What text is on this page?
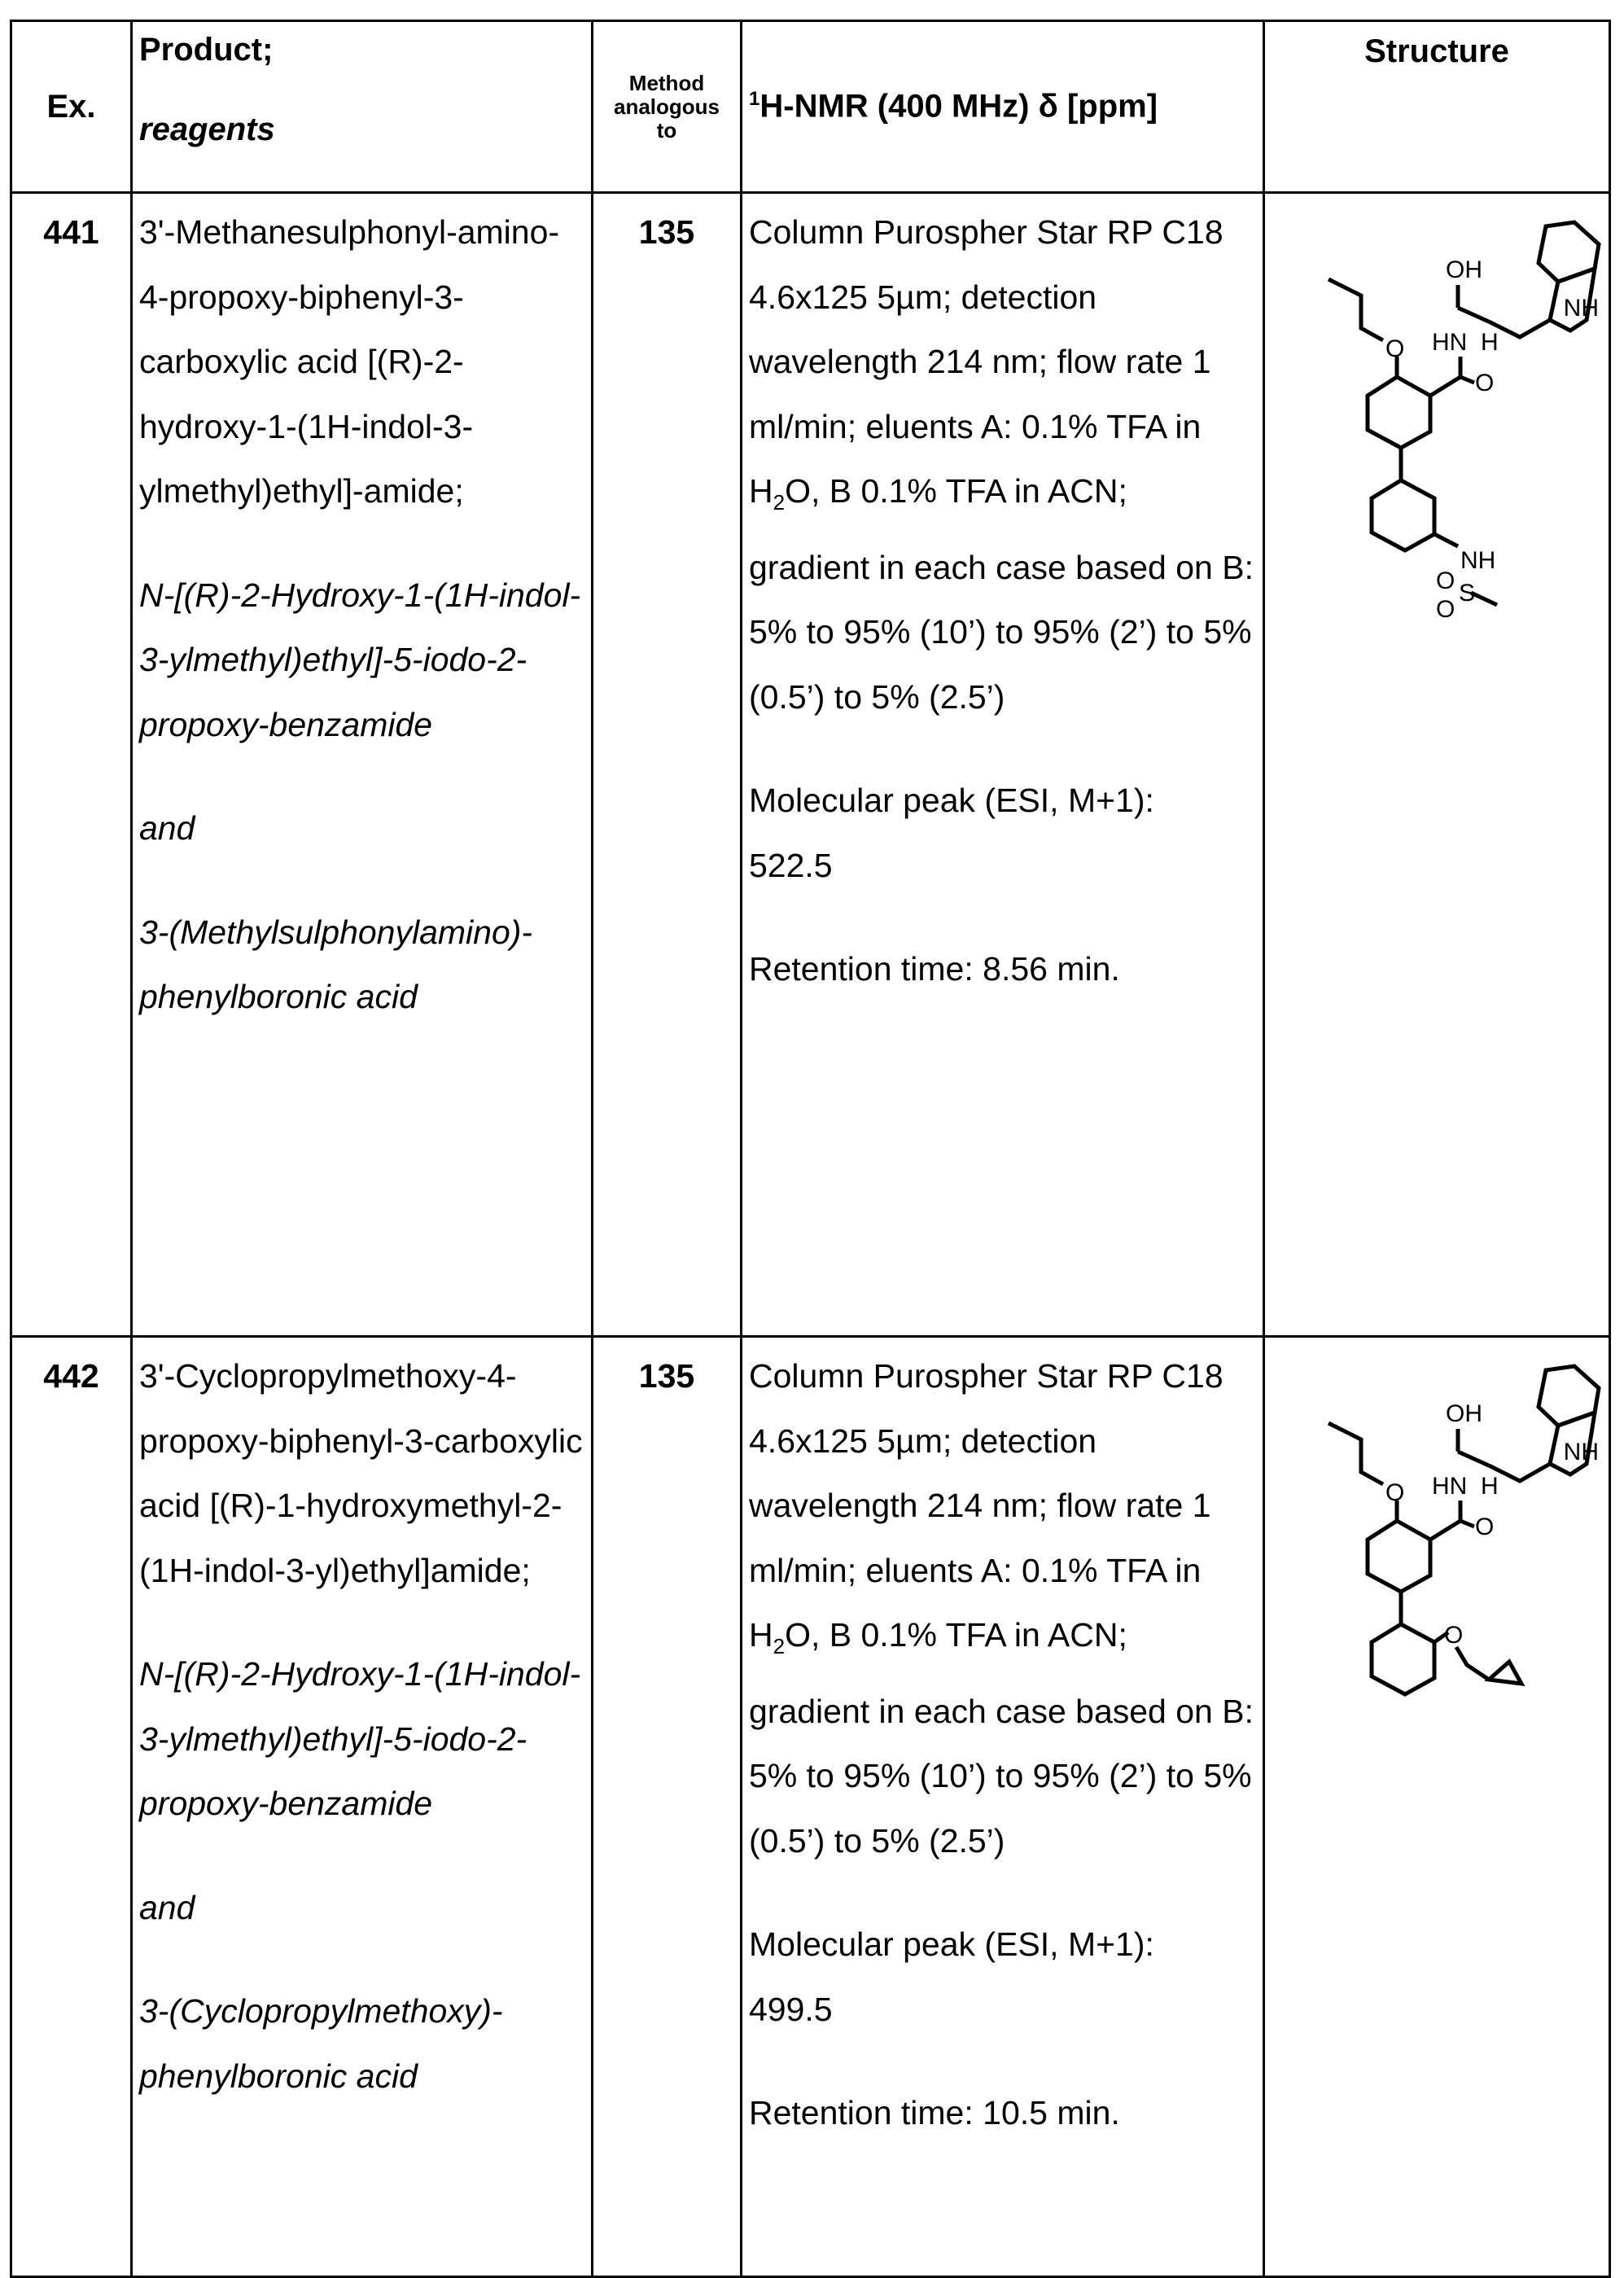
Ex.	
Product;
reagents

Method
analogous
to
	1H-NMR (400 MHz) δ [ppm]	Structure
441	3'-Methanesulphonyl-amino-4-propoxy-biphenyl-3-carboxylic acid [(R)-2-hydroxy-1-(1H-indol-3-ylmethyl)ethyl]-amide;
N-[(R)-2-Hydroxy-1-(1H-indol-3-ylmethyl)ethyl]-5-iodo-2-propoxy-benzamide
and
3-(Methylsulphonylamino)-phenylboronic acid
	135	Column Purospher Star RP C18 4.6x125 5µm; detection wavelength 214 nm; flow rate 1 ml/min; eluents A: 0.1% TFA in H2O, B 0.1% TFA in ACN; gradient in each case based on B: 5% to 95% (10’) to 95% (2’) to 5% (0.5’) to 5% (2.5’)
Molecular peak (ESI, M+1):
522.5
Retention time: 8.56 min.

OH
NH
HN H
O
O
NH
S
O
O

442	3'-Cyclopropylmethoxy-4-propoxy-biphenyl-3-carboxylic acid [(R)-1-hydroxymethyl-2-(1H-indol-3-yl)ethyl]amide;
N-[(R)-2-Hydroxy-1-(1H-indol-3-ylmethyl)ethyl]-5-iodo-2-propoxy-benzamide
and
3-(Cyclopropylmethoxy)-phenylboronic acid
	135	Column Purospher Star RP C18 4.6x125 5µm; detection wavelength 214 nm; flow rate 1 ml/min; eluents A: 0.1% TFA in H2O, B 0.1% TFA in ACN; gradient in each case based on B: 5% to 95% (10’) to 95% (2’) to 5% (0.5’) to 5% (2.5’)
Molecular peak (ESI, M+1):
499.5
Retention time: 10.5 min.

OH
NH
HN H
O
O
O
